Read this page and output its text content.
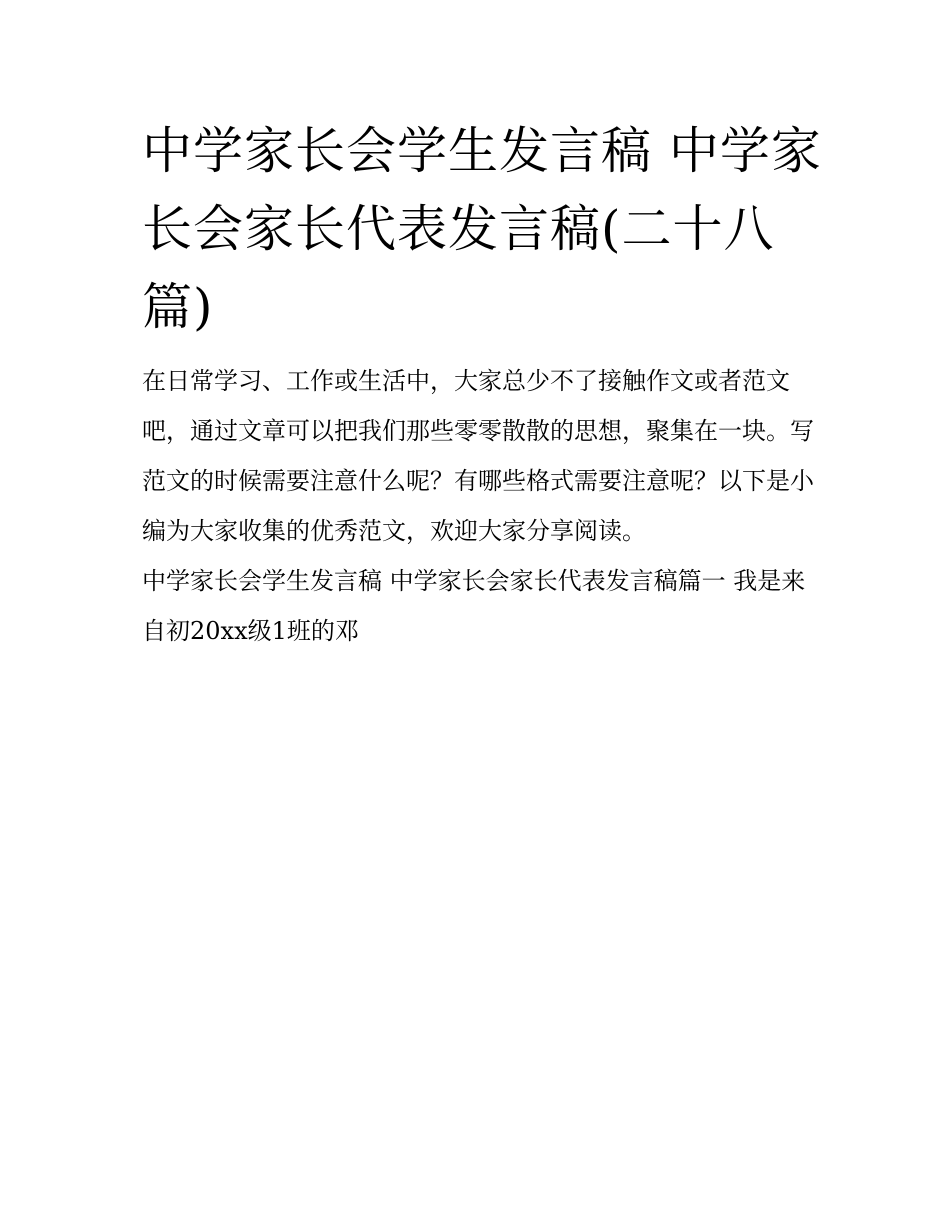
中学家长会学生发言稿 中学家长会家长代表发言稿(二十八篇)

在日常学习、工作或生活中，大家总少不了接触作文或者范文吧，通过文章可以把我们那些零零散散的思想，聚集在一块。写范文的时候需要注意什么呢？有哪些格式需要注意呢？以下是小编为大家收集的优秀范文，欢迎大家分享阅读。

中学家长会学生发言稿 中学家长会家长代表发言稿篇一 我是来自初20xx级1班的邓
